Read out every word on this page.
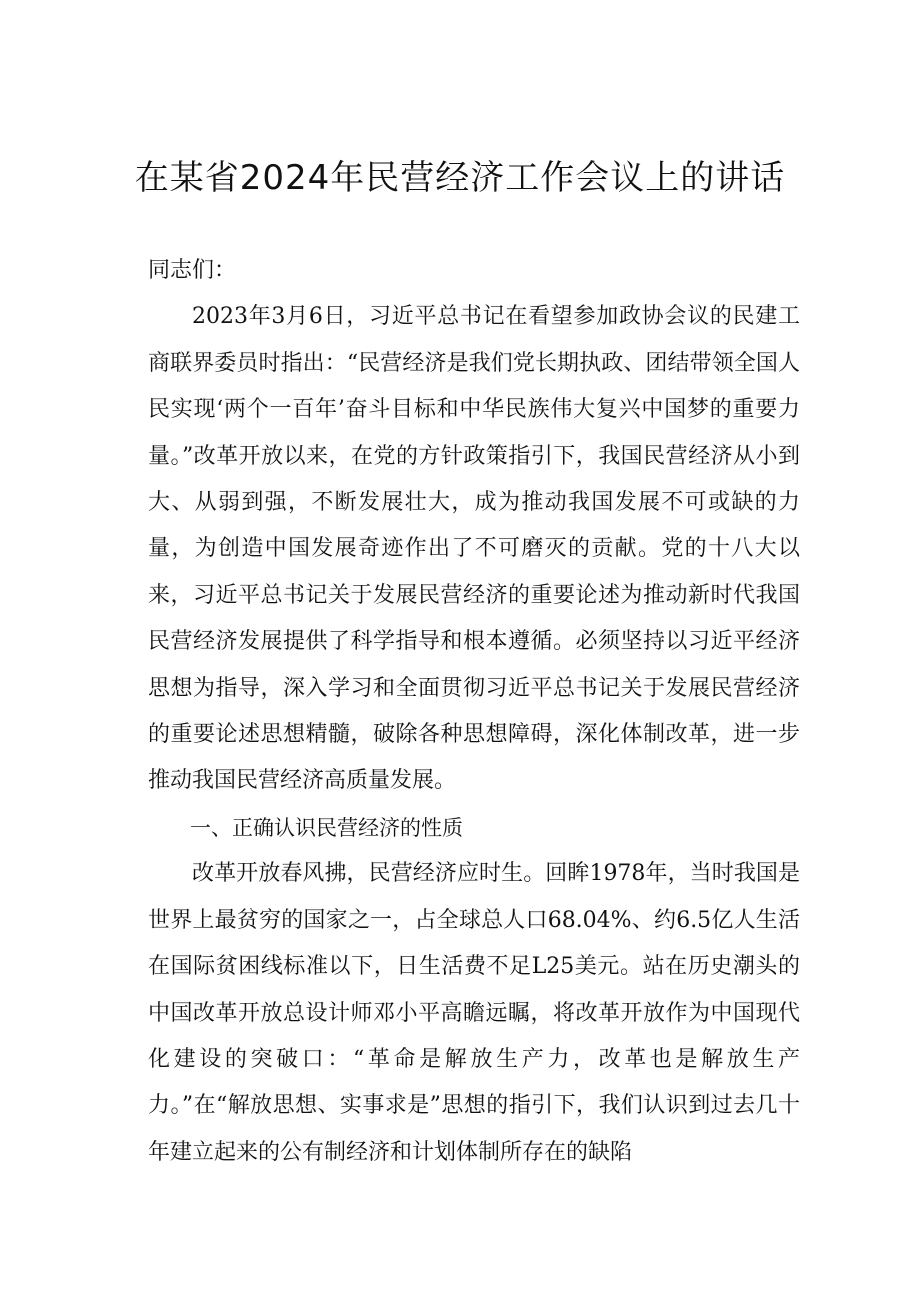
在某省2024年民营经济工作会议上的讲话

同志们：

2023年3月6日，习近平总书记在看望参加政协会议的民建工商联界委员时指出：“民营经济是我们党长期执政、团结带领全国人民实现‘两个一百年’奋斗目标和中华民族伟大复兴中国梦的重要力量。”改革开放以来，在党的方针政策指引下，我国民营经济从小到大、从弱到强，不断发展壮大，成为推动我国发展不可或缺的力量，为创造中国发展奇迹作出了不可磨灭的贡献。党的十八大以来，习近平总书记关于发展民营经济的重要论述为推动新时代我国民营经济发展提供了科学指导和根本遵循。必须坚持以习近平经济思想为指导，深入学习和全面贯彻习近平总书记关于发展民营经济的重要论述思想精髓，破除各种思想障碍，深化体制改革，进一步推动我国民营经济高质量发展。

一、正确认识民营经济的性质

改革开放春风拂，民营经济应时生。回眸1978年，当时我国是世界上最贫穷的国家之一，占全球总人口68.04%、约6.5亿人生活在国际贫困线标准以下，日生活费不足L25美元。站在历史潮头的中国改革开放总设计师邓小平高瞻远瞩，将改革开放作为中国现代化建设的突破口：“革命是解放生产力，改革也是解放生产力。”在“解放思想、实事求是”思想的指引下，我们认识到过去几十年建立起来的公有制经济和计划体制所存在的缺陷
